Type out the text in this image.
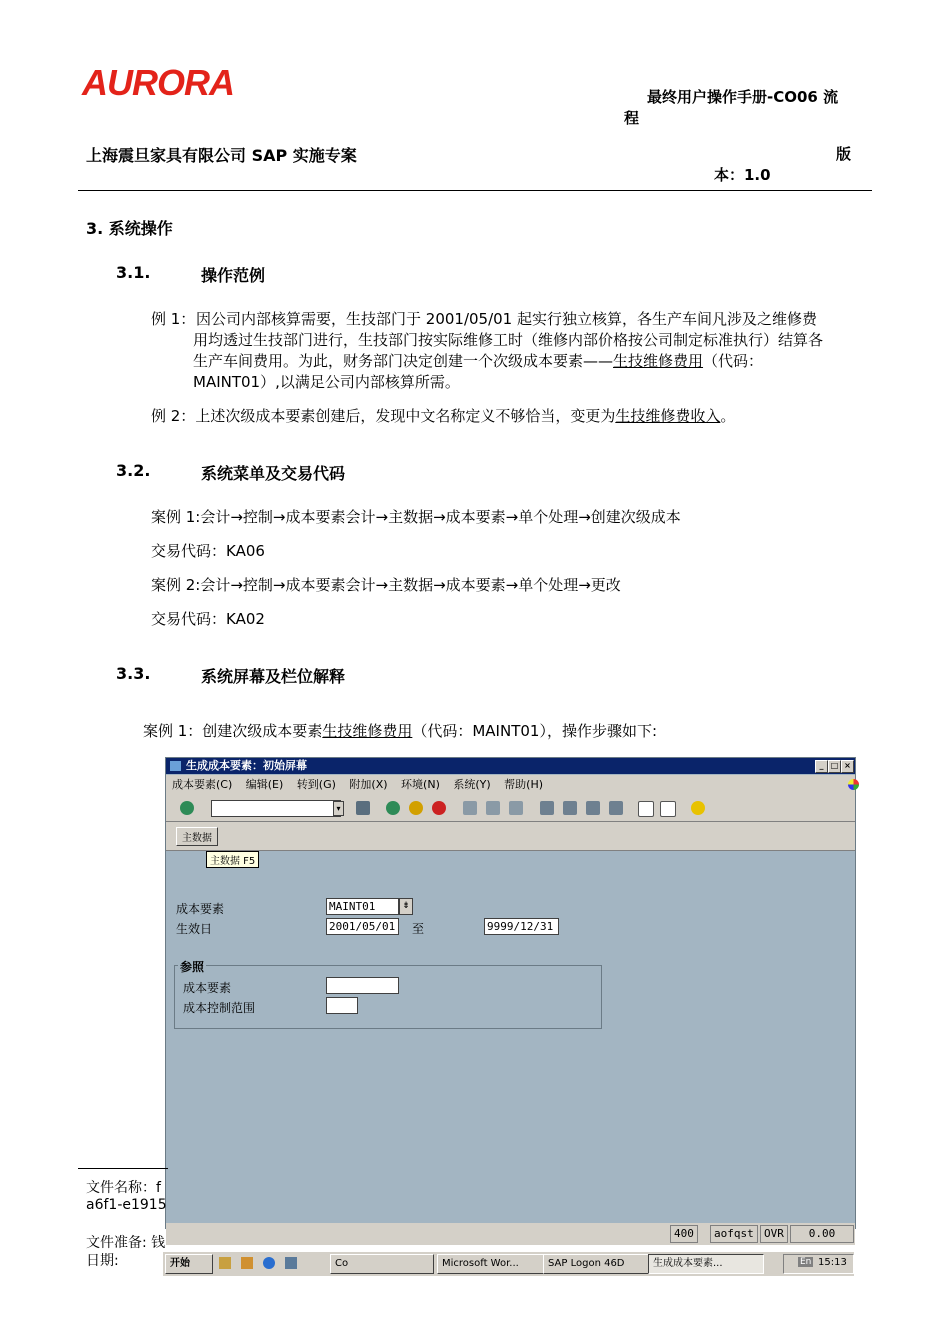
AURORA	最终用户操作手册-CO06 流
程
上海震旦家具有限公司 SAP 实施专案	版
本：1.0
3. 系统操作
3.1.	操作范例
例 1： 因公司内部核算需要，生技部门于 2001/05/01 起实行独立核算，各生产车间凡涉及之维修费
用均透过生技部门进行，生技部门按实际维修工时（维修内部价格按公司制定标准执行）结算各
生产车间费用。为此，财务部门决定创建一个次级成本要素——生技维修费用（代码：
MAINT01）,以满足公司内部核算所需。
例 2：上述次级成本要素创建后，发现中文名称定义不够恰当，变更为生技维修费收入。
3.2.	系统菜单及交易代码
案例 1:会计→控制→成本要素会计→主数据→成本要素→单个处理→创建次级成本
交易代码：KA06
案例 2:会计→控制→成本要素会计→主数据→成本要素→单个处理→更改
交易代码：KA02
3.3.	系统屏幕及栏位解释
案例 1：创建次级成本要素生技维修费用（代码：MAINT01），操作步骤如下:
生成成本要素：初始屏幕	_ □ ×
成本要素(C) 编辑(E) 转到(G) 附加(X) 环境(N) 系统(Y) 帮助(H)
▾
主数据
主数据 F5
成本要素	MAINT01	⇟
生效日	2001/05/01	至	9999/12/31
参照
成本要素
成本控制范围
400	aofqst OVR	0.00
开始	Co	Microsoft Wor...	SAP Logon 46D	生成成本要素...	En 15:13
文件名称：f
a6f1-e1915
文件准备: 钱
日期:
